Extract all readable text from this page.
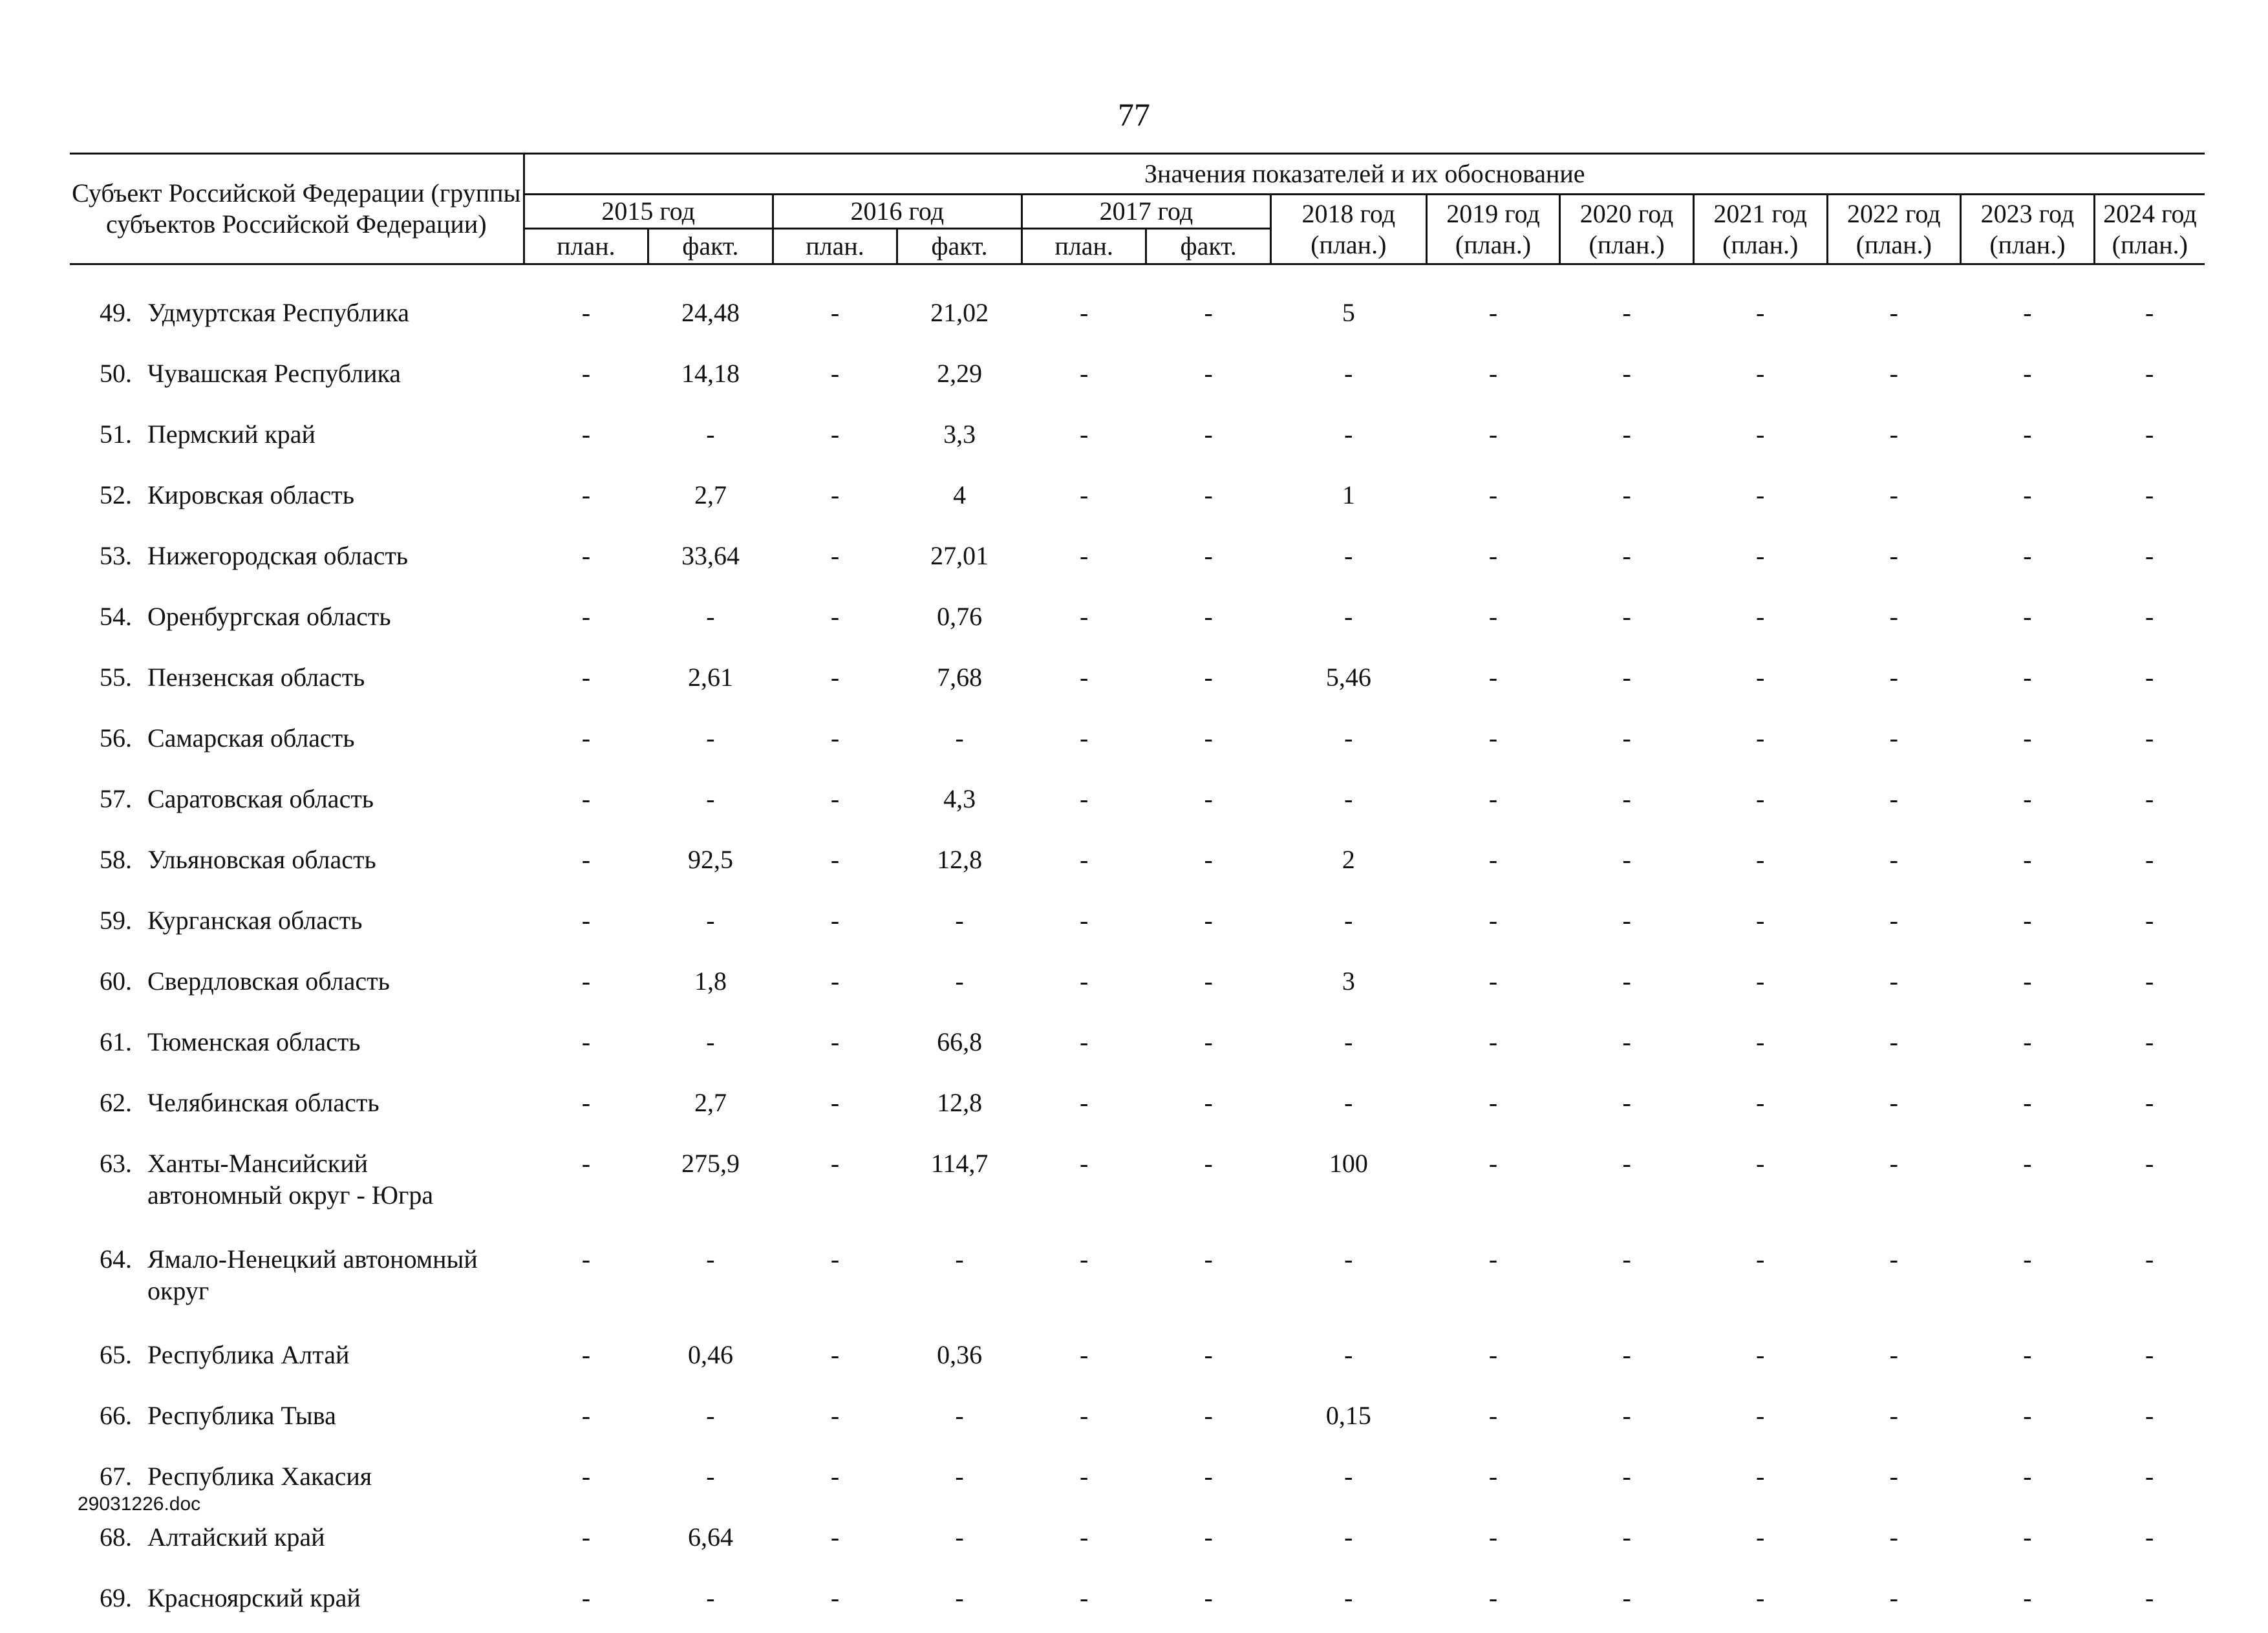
77
Субъект Российской Федерации (группы субъектов Российской Федерации)	Значения показателей и их обоснование												
	2015 год		2016 год		2017 год		2018 год (план.)	2019 год (план.)	2020 год (план.)	2021 год (план.)	2022 год (план.)	2023 год (план.)	2024 год (план.)
	план.	факт.	план.	факт.	план.	факт.							

49. Удмуртская Республика	-	24,48	-	21,02	-	-	5	-	-	-	-	-	-
50. Чувашская Республика	-	14,18	-	2,29	-	-	-	-	-	-	-	-	-
51. Пермский край	-	-	-	3,3	-	-	-	-	-	-	-	-	-
52. Кировская область	-	2,7	-	4	-	-	1	-	-	-	-	-	-
53. Нижегородская область	-	33,64	-	27,01	-	-	-	-	-	-	-	-	-
54. Оренбургская область	-	-	-	0,76	-	-	-	-	-	-	-	-	-
55. Пензенская область	-	2,61	-	7,68	-	-	5,46	-	-	-	-	-	-
56. Самарская область	-	-	-	-	-	-	-	-	-	-	-	-	-
57. Саратовская область	-	-	-	4,3	-	-	-	-	-	-	-	-	-
58. Ульяновская область	-	92,5	-	12,8	-	-	2	-	-	-	-	-	-
59. Курганская область	-	-	-	-	-	-	-	-	-	-	-	-	-
60. Свердловская область	-	1,8	-	-	-	-	3	-	-	-	-	-	-
61. Тюменская область	-	-	-	66,8	-	-	-	-	-	-	-	-	-
62. Челябинская область	-	2,7	-	12,8	-	-	-	-	-	-	-	-	-
63. Ханты-Мансийский автономный округ - Югра	-	275,9	-	114,7	-	-	100	-	-	-	-	-	-
64. Ямало-Ненецкий автономный округ	-	-	-	-	-	-	-	-	-	-	-	-	-
65. Республика Алтай	-	0,46	-	0,36	-	-	-	-	-	-	-	-	-
66. Республика Тыва	-	-	-	-	-	-	0,15	-	-	-	-	-	-
67. Республика Хакасия	-	-	-	-	-	-	-	-	-	-	-	-	-
68. Алтайский край	-	6,64	-	-	-	-	-	-	-	-	-	-	-
69. Красноярский край	-	-	-	-	-	-	-	-	-	-	-	-	-
29031226.doc
